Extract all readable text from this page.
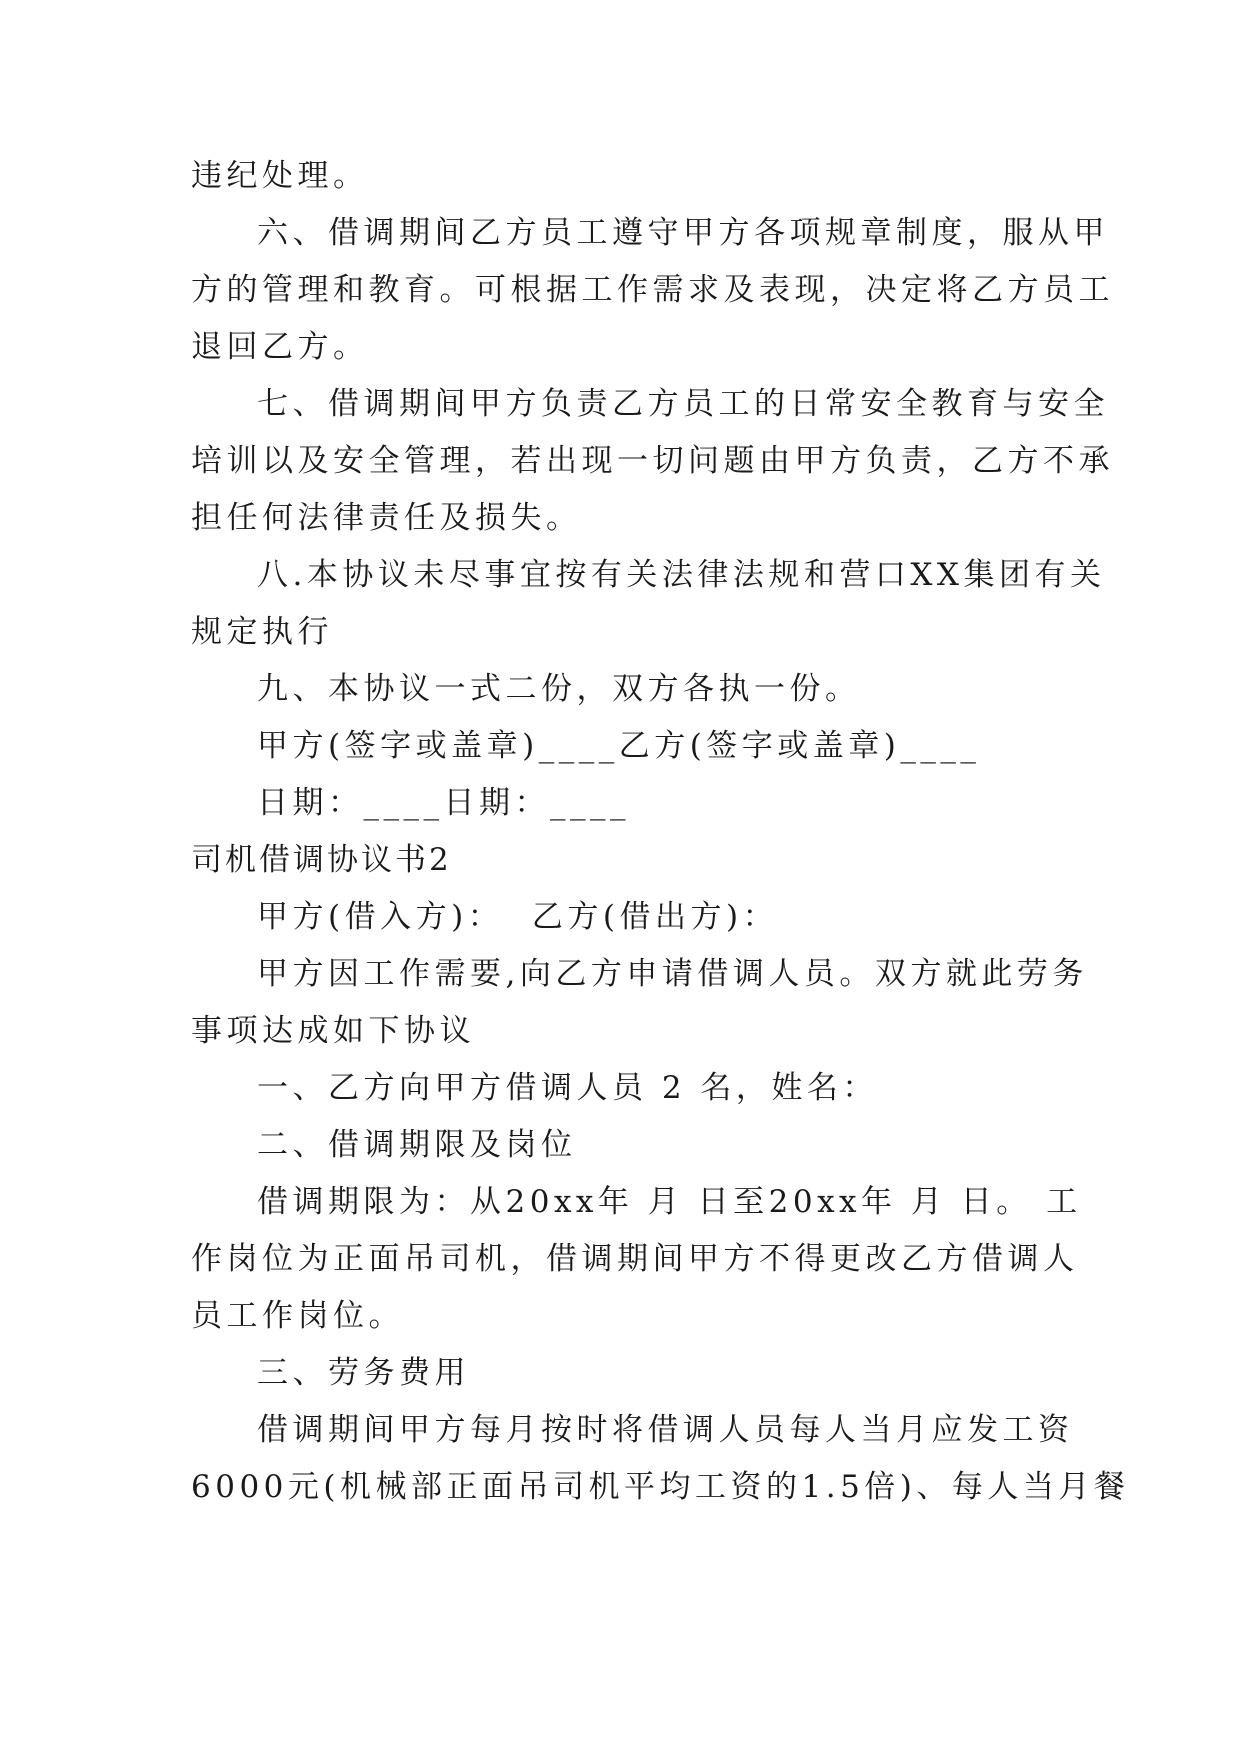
违纪处理。
六、借调期间乙方员工遵守甲方各项规章制度，服从甲
方的管理和教育。可根据工作需求及表现，决定将乙方员工
退回乙方。
七、借调期间甲方负责乙方员工的日常安全教育与安全
培训以及安全管理，若出现一切问题由甲方负责，乙方不承
担任何法律责任及损失。
八.本协议未尽事宜按有关法律法规和营口XX集团有关
规定执行
九、本协议一式二份，双方各执一份。
甲方(签字或盖章)____乙方(签字或盖章)____
日期：____日期：____
司机借调协议书2
甲方(借入方)：  乙方(借出方)：
甲方因工作需要,向乙方申请借调人员。双方就此劳务
事项达成如下协议
一、乙方向甲方借调人员 2 名，姓名：
二、借调期限及岗位
借调期限为：从20xx年 月 日至20xx年 月 日。 工
作岗位为正面吊司机，借调期间甲方不得更改乙方借调人
员工作岗位。
三、劳务费用
借调期间甲方每月按时将借调人员每人当月应发工资
6000元(机械部正面吊司机平均工资的1.5倍)、每人当月餐
